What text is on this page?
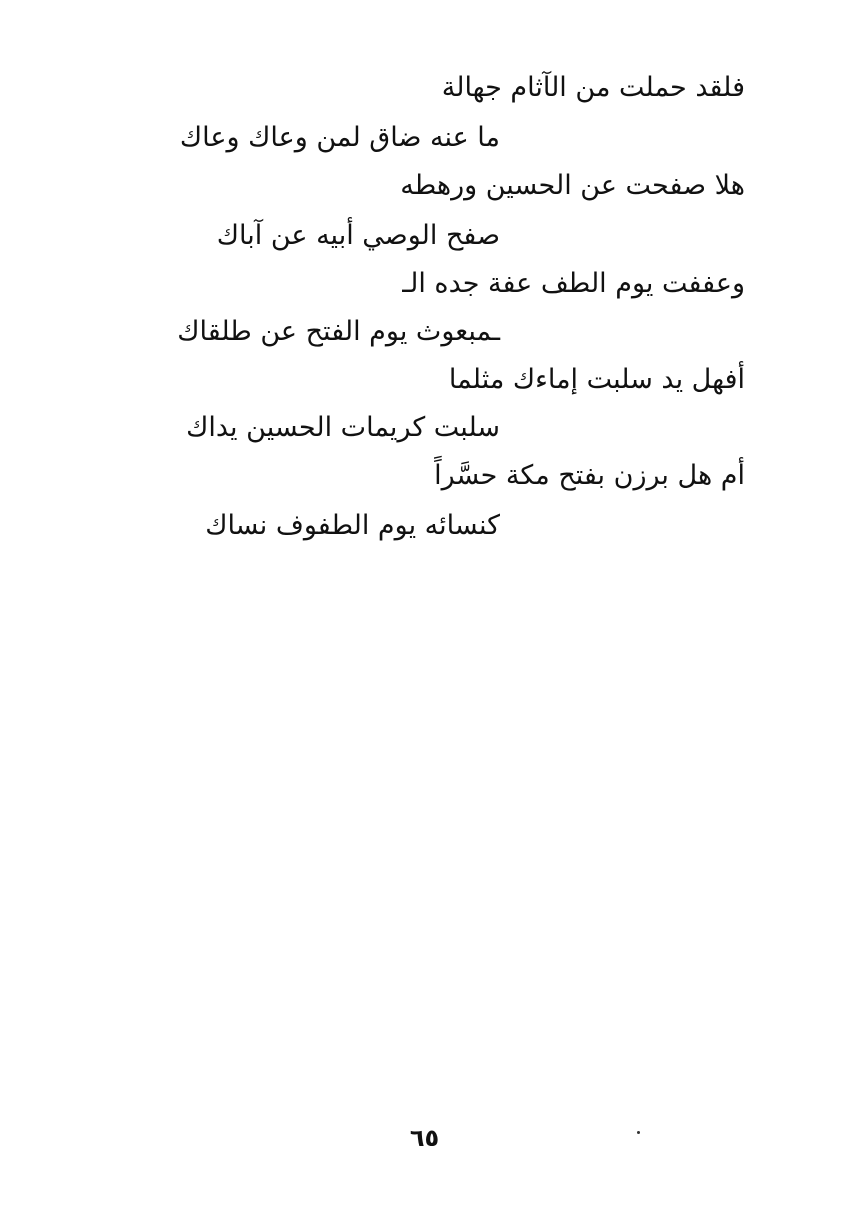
فلقد حملت من الآثام جهالة
ما عنه ضاق لمن وعاك وعاك
هلا صفحت عن الحسين ورهطه
صفح الوصي أبيه عن آباك
وعففت يوم الطف عفة جده الـ
ـمبعوث يوم الفتح عن طلقاك
أفهل يد سلبت إماءك مثلما
سلبت كريمات الحسين يداك
أم هل برزن بفتح مكة حسَّراً
كنسائه يوم الطفوف نساك
٦٥
